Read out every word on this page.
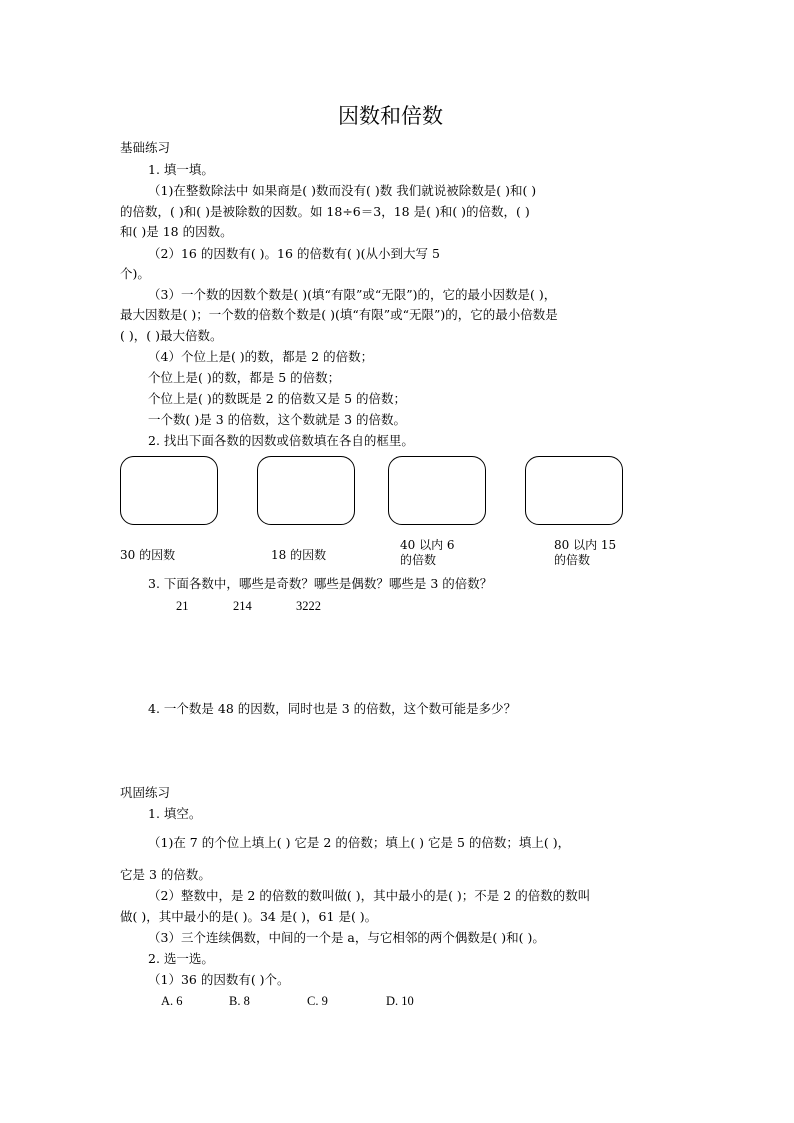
因数和倍数
基础练习
1. 填一填。
（1)在整数除法中 如果商是( )数而没有( )数 我们就说被除数是( )和( )
的倍数，( )和( )是被除数的因数。如 18÷6＝3，18 是( )和( )的倍数，( )
和( )是 18 的因数。
（2）16 的因数有( )。16 的倍数有( )(从小到大写 5
个)。
（3）一个数的因数个数是( )(填“有限”或“无限”)的，它的最小因数是( )，
最大因数是( )；一个数的倍数个数是( )(填“有限”或“无限”)的，它的最小倍数是
( )，( )最大倍数。
（4）个位上是( )的数，都是 2 的倍数；
个位上是( )的数，都是 5 的倍数；
个位上是( )的数既是 2 的倍数又是 5 的倍数；
一个数( )是 3 的倍数，这个数就是 3 的倍数。
2. 找出下面各数的因数或倍数填在各自的框里。
30 的因数	18 的因数
40 以内 6
的倍数
80 以内 15
的倍数
3. 下面各数中，哪些是奇数？哪些是偶数？哪些是 3 的倍数？
21	214	3222
4. 一个数是 48 的因数，同时也是 3 的倍数，这个数可能是多少？
巩固练习
1. 填空。
（1)在 7 的个位上填上( ) 它是 2 的倍数；填上( ) 它是 5 的倍数；填上( )，
它是 3 的倍数。
（2）整数中，是 2 的倍数的数叫做( )，其中最小的是( )；不是 2 的倍数的数叫
做( )，其中最小的是( )。34 是( )，61 是( )。
（3）三个连续偶数，中间的一个是 a，与它相邻的两个偶数是( )和( )。
2. 选一选。
（1）36 的因数有( )个。
A. 6	B. 8	C. 9	D. 10
